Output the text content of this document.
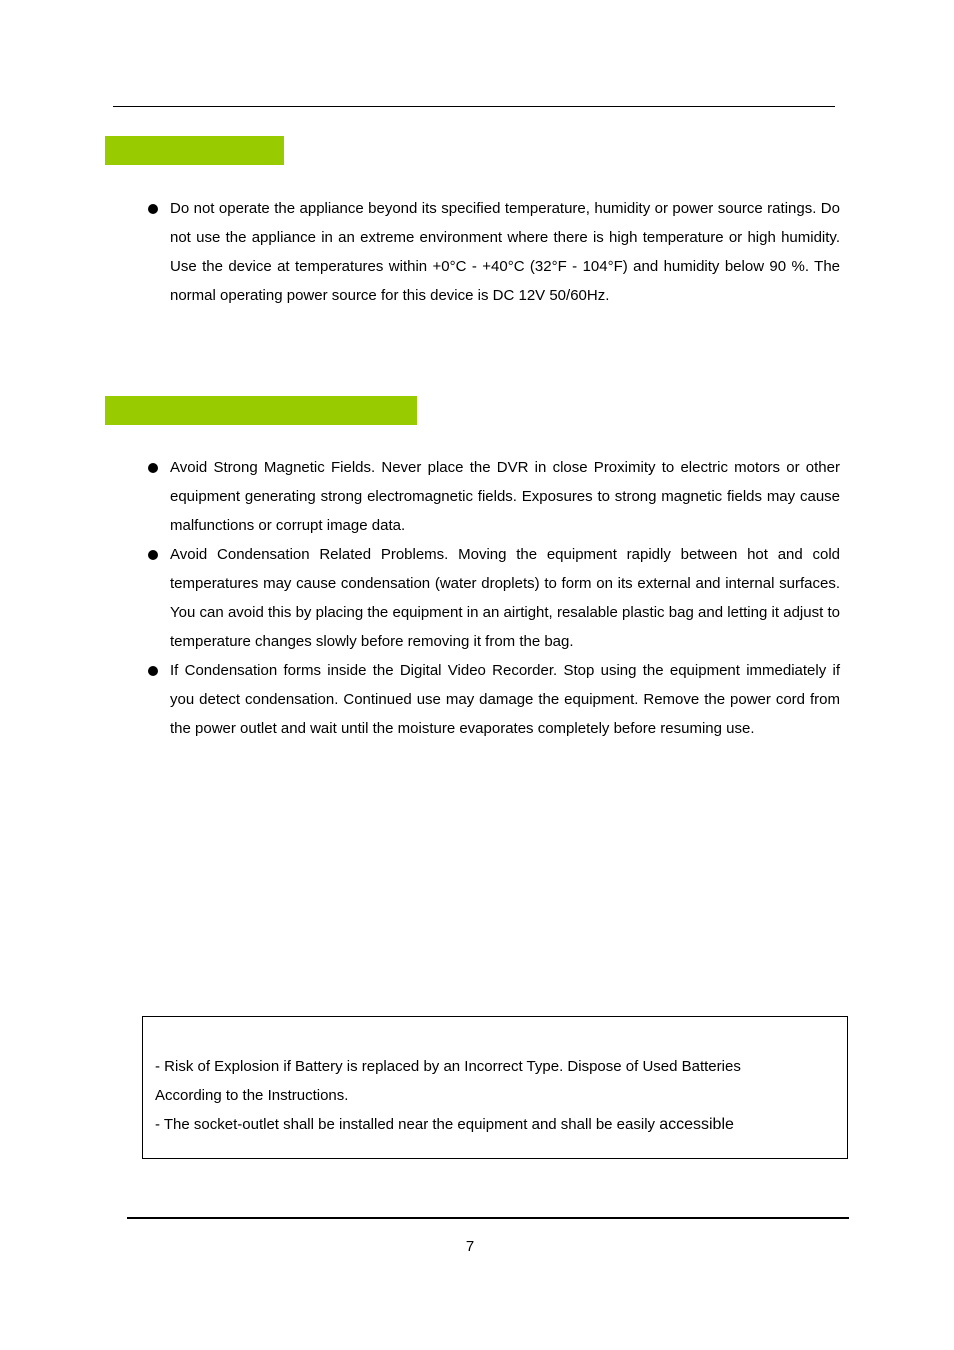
Do not operate the appliance beyond its specified temperature, humidity or power source ratings. Do not use the appliance in an extreme environment where there is high temperature or high humidity. Use the device at temperatures within +0°C - +40°C (32°F - 104°F) and humidity below 90 %. The normal operating power source for this device is DC 12V 50/60Hz.
Avoid Strong Magnetic Fields. Never place the DVR in close Proximity to electric motors or other equipment generating strong electromagnetic fields. Exposures to strong magnetic fields may cause malfunctions or corrupt image data.
Avoid Condensation Related Problems. Moving the equipment rapidly between hot and cold temperatures may cause condensation (water droplets) to form on its external and internal surfaces. You can avoid this by placing the equipment in an airtight, resalable plastic bag and letting it adjust to temperature changes slowly before removing it from the bag.
If Condensation forms inside the Digital Video Recorder. Stop using the equipment immediately if you detect condensation. Continued use may damage the equipment. Remove the power cord from the power outlet and wait until the moisture evaporates completely before resuming use.
- Risk of Explosion if Battery is replaced by an Incorrect Type. Dispose of Used Batteries
According to the Instructions.
- The socket-outlet shall be installed near the equipment and shall be easily accessible
7
